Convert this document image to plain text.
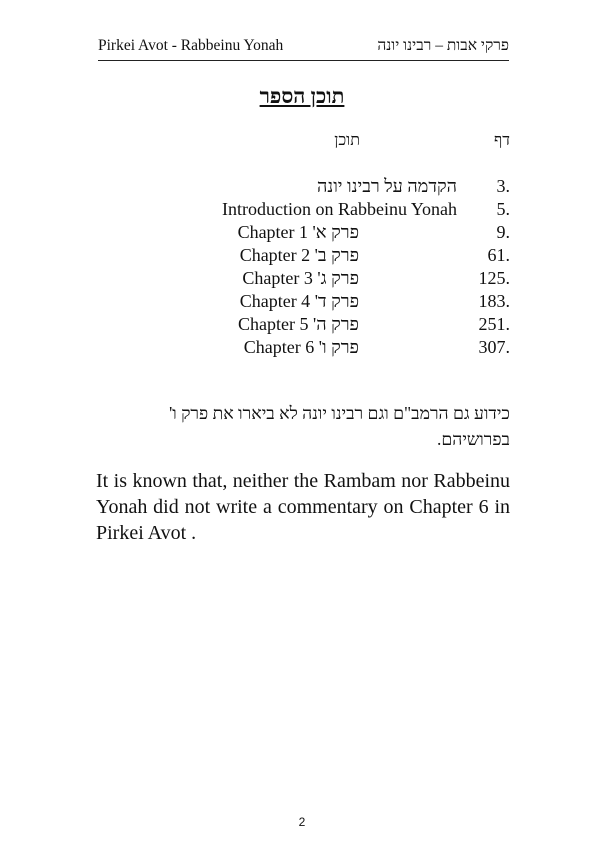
Pirkei Avot - Rabbeinu Yonah	פרקי אבות – רבינו יונה
תוכן הספר
דף
תוכן
3.
הקדמה על רבינו יונה
5.
Introduction on Rabbeinu Yonah
9.
פרק א' Chapter 1
61.
פרק ב' Chapter 2
125.
פרק ג' Chapter 3
183.
פרק ד' Chapter 4
251.
פרק ה' Chapter 5
307.
פרק ו' Chapter 6
כידוע גם הרמב"ם וגם רבינו יונה לא ביארו את פרק ו' בפרושיהם.
It is known that, neither the Rambam nor Rabbeinu Yonah did not write a commentary on Chapter 6 in Pirkei Avot .
2
